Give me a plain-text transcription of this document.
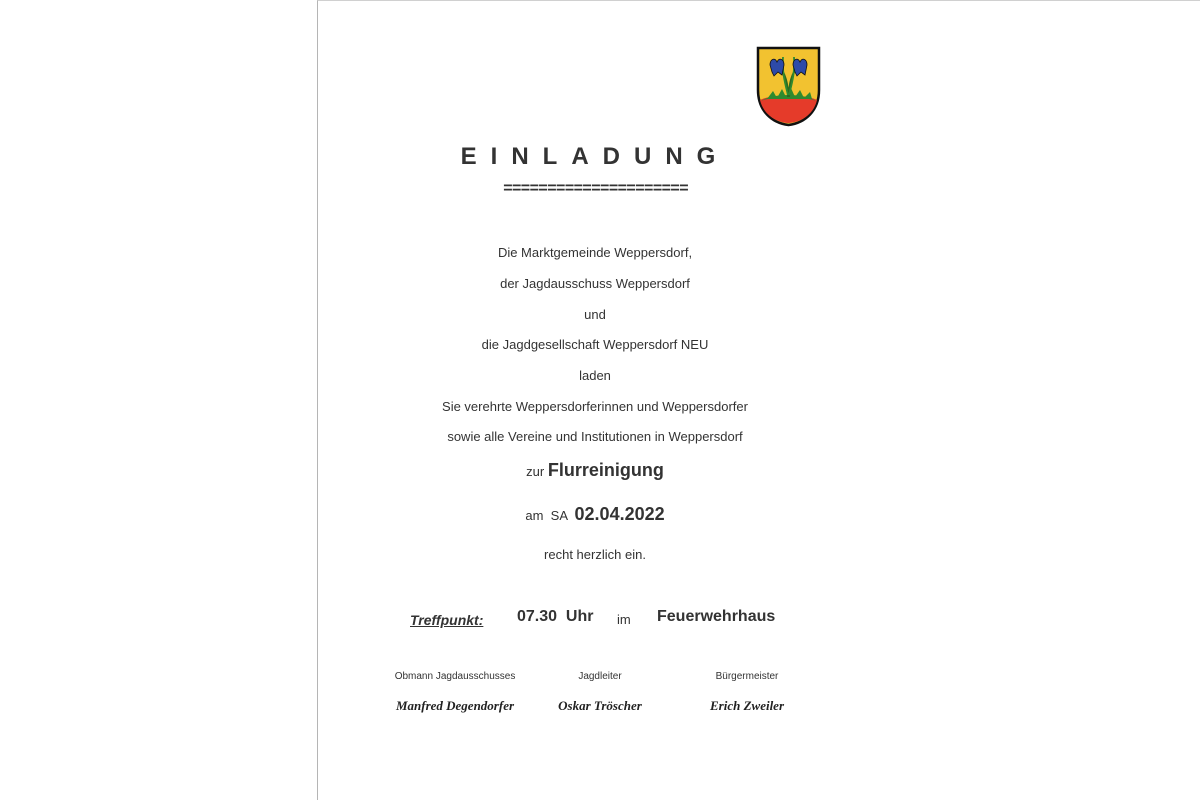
EINLADUNG
=====================
Die Marktgemeinde Weppersdorf,
der Jagdausschuss Weppersdorf
und
die Jagdgesellschaft Weppersdorf NEU
laden
Sie verehrte Weppersdorferinnen und Weppersdorfer
sowie alle Vereine und Institutionen in Weppersdorf
zur Flurreinigung
am  SA 02.04.2022
recht herzlich ein.
Treffpunkt: 07.30  Uhr im Feuerwehrhaus
Obmann Jagdausschusses	Jagdleiter	Bürgermeister
Manfred Degendorfer	Oskar Tröscher	Erich Zweiler
